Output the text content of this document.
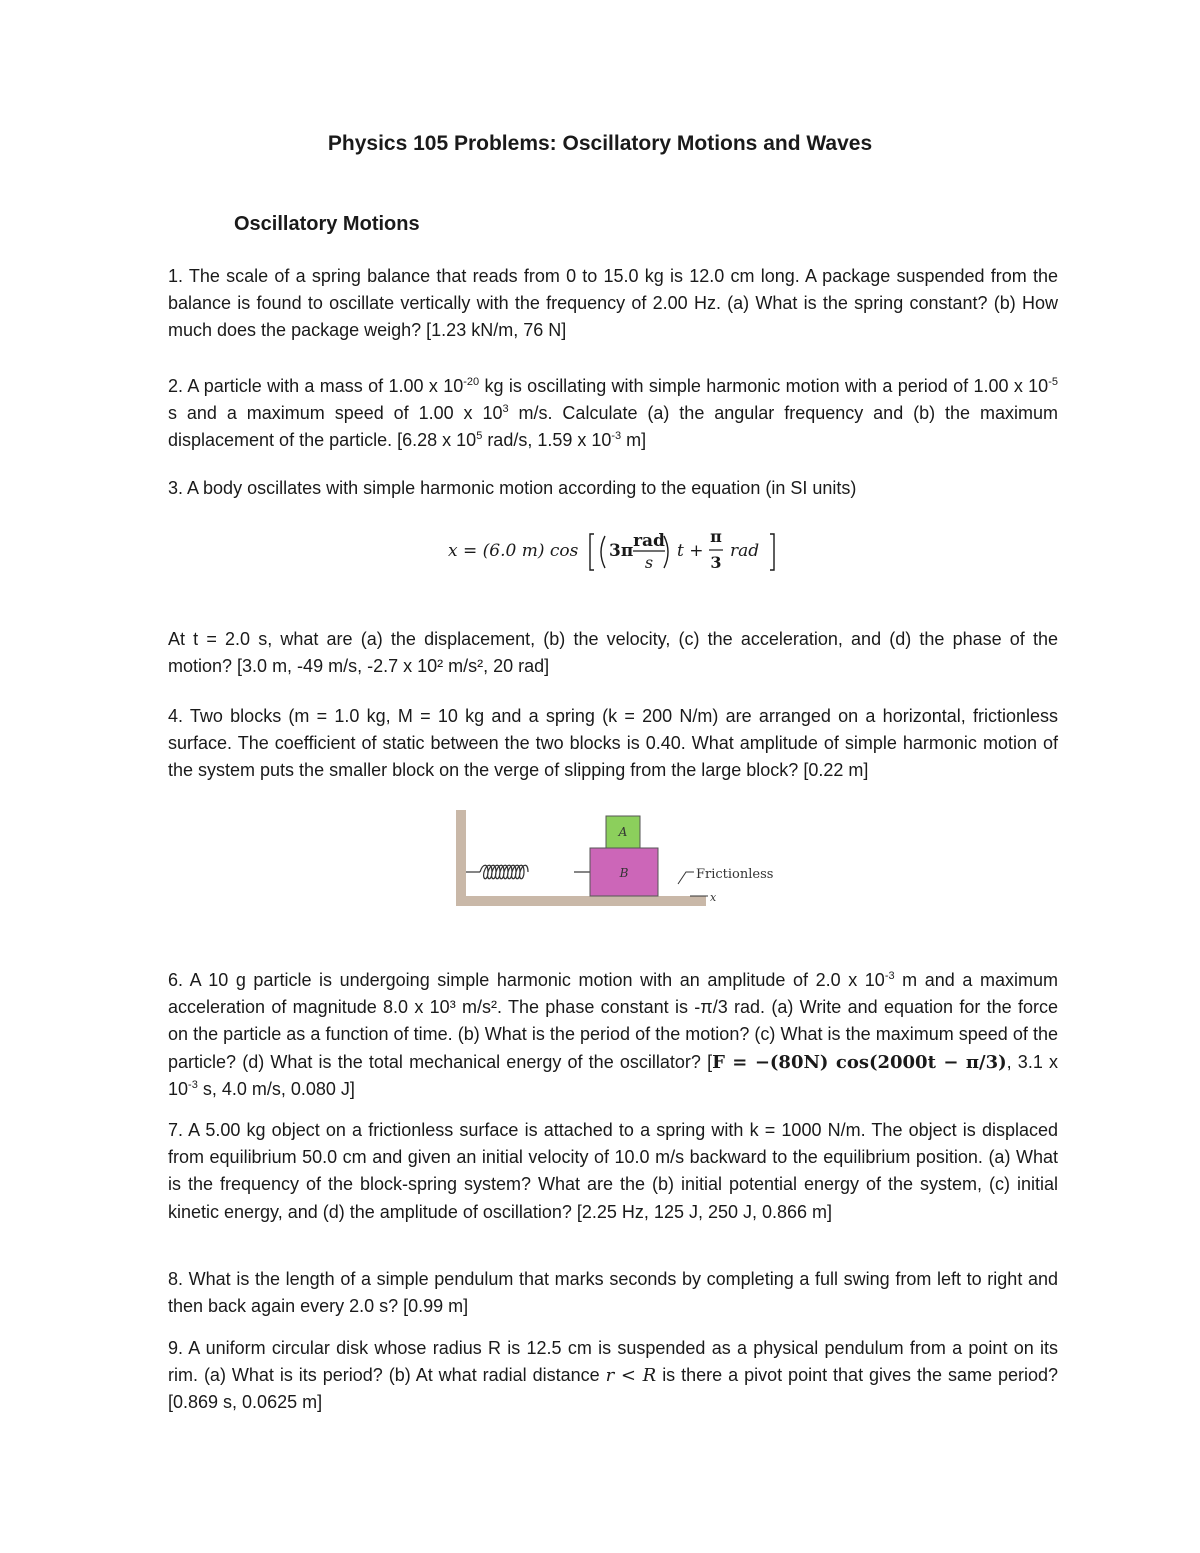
Physics 105 Problems: Oscillatory Motions and Waves
Oscillatory Motions
1. The scale of a spring balance that reads from 0 to 15.0 kg is 12.0 cm long. A package suspended from the balance is found to oscillate vertically with the frequency of 2.00 Hz. (a) What is the spring constant? (b) How much does the package weigh? [1.23 kN/m, 76 N]
2. A particle with a mass of 1.00 x $10^{-20}$ kg is oscillating with simple harmonic motion with a period of 1.00 x $10^{-5}$ s and a maximum speed of 1.00 x $10^3$ m/s. Calculate (a) the angular frequency and (b) the maximum displacement of the particle. [6.28 x $10^5$ rad/s, 1.59 x $10^{-3}$ m]
3. A body oscillates with simple harmonic motion according to the equation (in SI units)
x = (6.0 m) cos 3π rad
s
t +
π
3
rad
At t = 2.0 s, what are (a) the displacement, (b) the velocity, (c) the acceleration, and (d) the phase of the motion? [3.0 m, -49 m/s, -2.7 x 10² m/s², 20 rad]
4. Two blocks (m = 1.0 kg, M = 10 kg and a spring (k = 200 N/m) are arranged on a horizontal, frictionless surface. The coefficient of static between the two blocks is 0.40. What amplitude of simple harmonic motion of the system puts the smaller block on the verge of slipping from the large block? [0.22 m]
B
A
Frictionless
x
6. A 10 g particle is undergoing simple harmonic motion with an amplitude of 2.0 x $10^{-3}$ m and a maximum acceleration of magnitude 8.0 x 10³ m/s². The phase constant is -π/3 rad. (a) Write and equation for the force on the particle as a function of time. (b) What is the period of the motion? (c) What is the maximum speed of the particle? (d) What is the total mechanical energy of the oscillator? [F = −(80N) cos(2000t − π/3), 3.1 x $10^{-3}$ s, 4.0 m/s, 0.080 J]
7. A 5.00 kg object on a frictionless surface is attached to a spring with k = 1000 N/m. The object is displaced from equilibrium 50.0 cm and given an initial velocity of 10.0 m/s backward to the equilibrium position. (a) What is the frequency of the block-spring system? What are the (b) initial potential energy of the system, (c) initial kinetic energy, and (d) the amplitude of oscillation? [2.25 Hz, 125 J, 250 J, 0.866 m]
8. What is the length of a simple pendulum that marks seconds by completing a full swing from left to right and then back again every 2.0 s? [0.99 m]
9. A uniform circular disk whose radius R is 12.5 cm is suspended as a physical pendulum from a point on its rim. (a) What is its period? (b) At what radial distance r < R is there a pivot point that gives the same period? [0.869 s, 0.0625 m]
